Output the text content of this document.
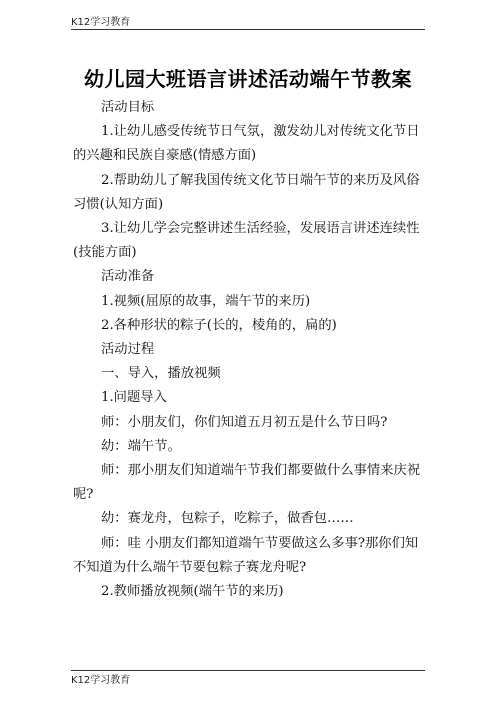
K12学习教育
幼儿园大班语言讲述活动端午节教案

活动目标

1.让幼儿感受传统节日气氛，激发幼儿对传统文化节日的兴趣和民族自豪感(情感方面)

2.帮助幼儿了解我国传统文化节日端午节的来历及风俗习惯(认知方面)

3.让幼儿学会完整讲述生活经验，发展语言讲述连续性(技能方面)

活动准备

1.视频(屈原的故事，端午节的来历)

2.各种形状的粽子(长的，棱角的，扁的)

活动过程

一、导入，播放视频

1.问题导入

师：小朋友们，你们知道五月初五是什么节日吗?

幼：端午节。

师：那小朋友们知道端午节我们都要做什么事情来庆祝呢?

幼：赛龙舟，包粽子，吃粽子，做香包……

师：哇 小朋友们都知道端午节要做这么多事?那你们知不知道为什么端午节要包粽子赛龙舟呢?

2.教师播放视频(端午节的来历)

K12学习教育
